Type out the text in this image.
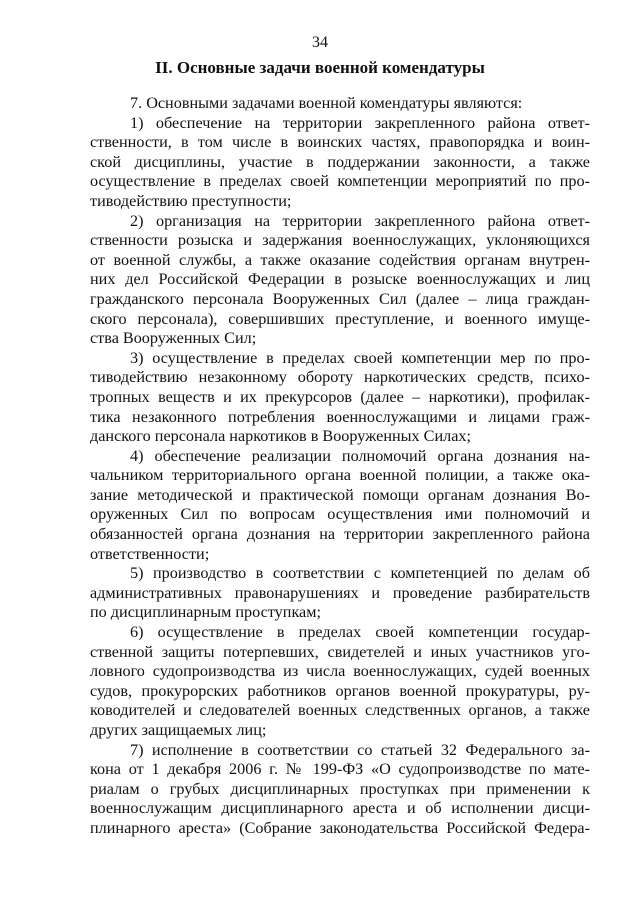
34
II. Основные задачи военной комендатуры
7. Основными задачами военной комендатуры являются:
1) обеспечение на территории закрепленного района ответ-
ственности, в том числе в воинских частях, правопорядка и воин-
ской дисциплины, участие в поддержании законности, а также
осуществление в пределах своей компетенции мероприятий по про-
тиводействию преступности;
2) организация на территории закрепленного района ответ-
ственности розыска и задержания военнослужащих, уклоняющихся
от военной службы, а также оказание содействия органам внутрен-
них дел Российской Федерации в розыске военнослужащих и лиц
гражданского персонала Вооруженных Сил (далее – лица граждан-
ского персонала), совершивших преступление, и военного имуще-
ства Вооруженных Сил;
3) осуществление в пределах своей компетенции мер по про-
тиводействию незаконному обороту наркотических средств, психо-
тропных веществ и их прекурсоров (далее – наркотики), профилак-
тика незаконного потребления военнослужащими и лицами граж-
данского персонала наркотиков в Вооруженных Силах;
4) обеспечение реализации полномочий органа дознания на-
чальником территориального органа военной полиции, а также ока-
зание методической и практической помощи органам дознания Во-
оруженных Сил по вопросам осуществления ими полномочий и
обязанностей органа дознания на территории закрепленного района
ответственности;
5) производство в соответствии с компетенцией по делам об
административных правонарушениях и проведение разбирательств
по дисциплинарным проступкам;
6) осуществление в пределах своей компетенции государ-
ственной защиты потерпевших, свидетелей и иных участников уго-
ловного судопроизводства из числа военнослужащих, судей военных
судов, прокурорских работников органов военной прокуратуры, ру-
ководителей и следователей военных следственных органов, а также
других защищаемых лиц;
7) исполнение в соответствии со статьей 32 Федерального за-
кона от 1 декабря 2006 г. № 199-ФЗ «О судопроизводстве по мате-
риалам о грубых дисциплинарных проступках при применении к
военнослужащим дисциплинарного ареста и об исполнении дисци-
плинарного ареста» (Собрание законодательства Российской Федера-
